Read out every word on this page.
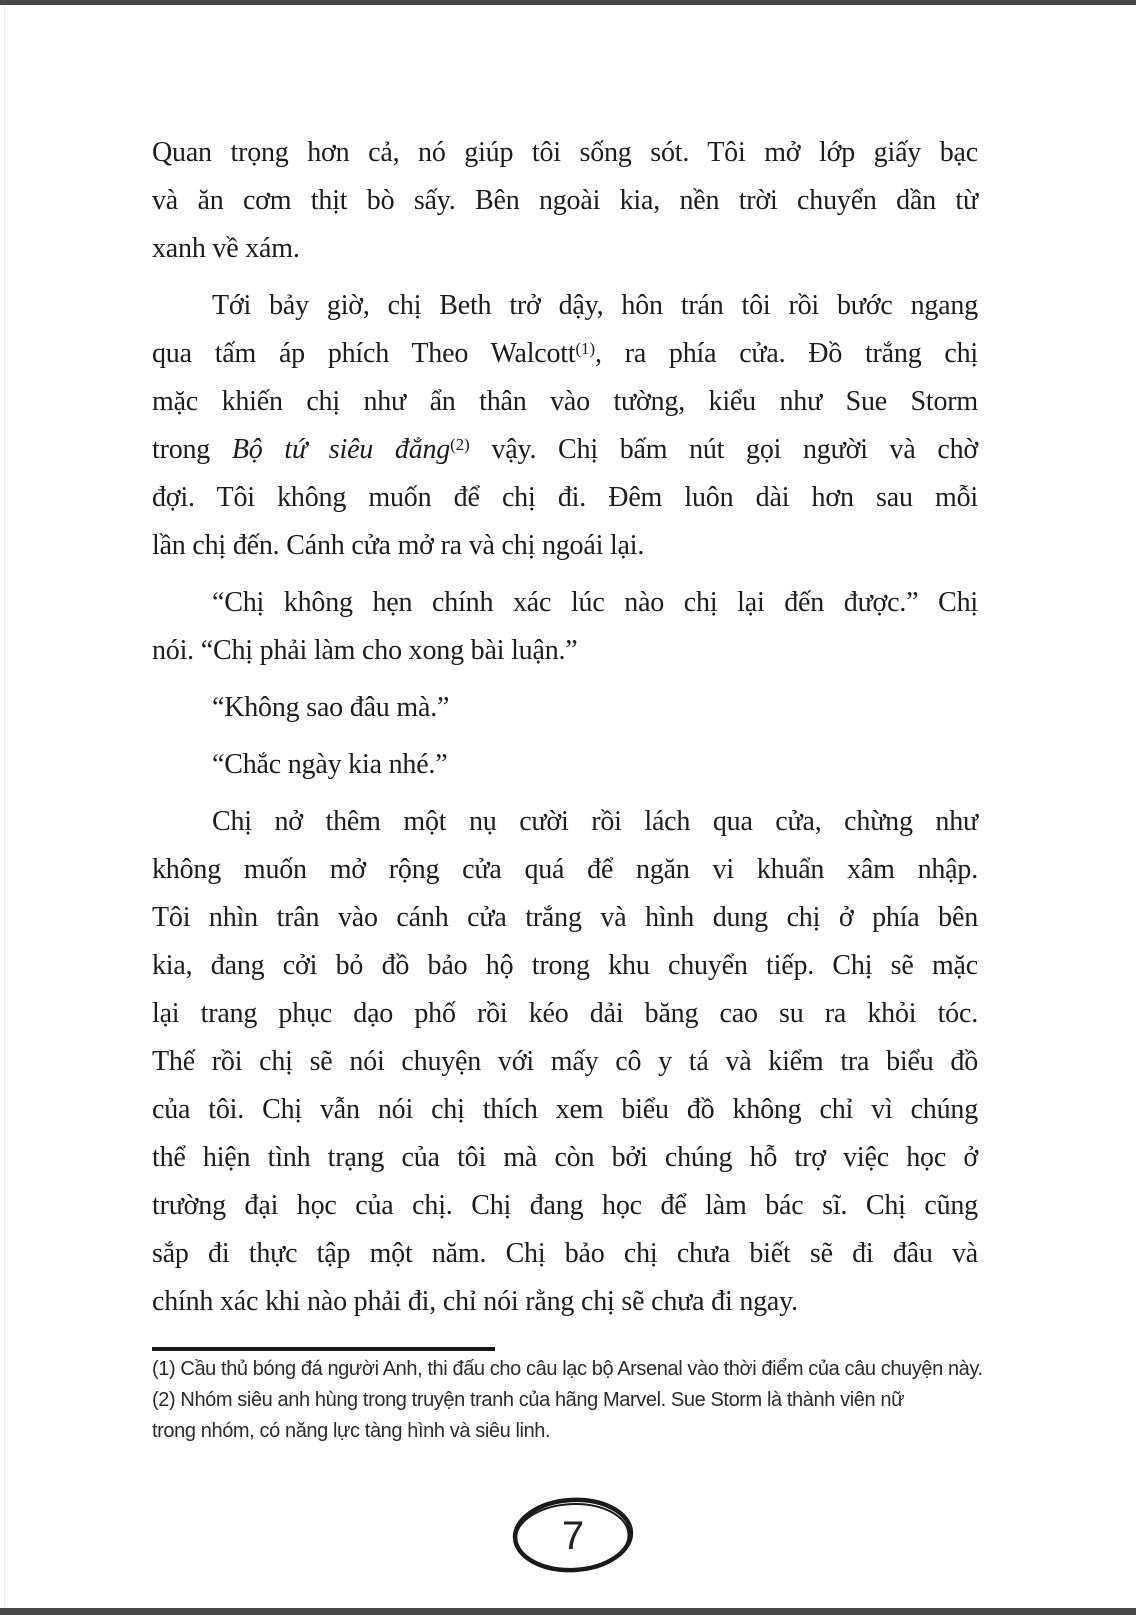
Quan trọng hơn cả, nó giúp tôi sống sót. Tôi mở lớp giấy bạc
và ăn cơm thịt bò sấy. Bên ngoài kia, nền trời chuyển dần từ
xanh về xám.
Tới bảy giờ, chị Beth trở dậy, hôn trán tôi rồi bước ngang
qua tấm áp phích Theo Walcott$^{(1)}$, ra phía cửa. Đồ trắng chị
mặc khiến chị như ẩn thân vào tường, kiểu như Sue Storm
trong Bộ tứ siêu đẳng$^{(2)}$ vậy. Chị bấm nút gọi người và chờ
đợi. Tôi không muốn để chị đi. Đêm luôn dài hơn sau mỗi
lần chị đến. Cánh cửa mở ra và chị ngoái lại.
“Chị không hẹn chính xác lúc nào chị lại đến được.” Chị
nói. “Chị phải làm cho xong bài luận.”
“Không sao đâu mà.”
“Chắc ngày kia nhé.”
Chị nở thêm một nụ cười rồi lách qua cửa, chừng như
không muốn mở rộng cửa quá để ngăn vi khuẩn xâm nhập.
Tôi nhìn trân vào cánh cửa trắng và hình dung chị ở phía bên
kia, đang cởi bỏ đồ bảo hộ trong khu chuyển tiếp. Chị sẽ mặc
lại trang phục dạo phố rồi kéo dải băng cao su ra khỏi tóc.
Thế rồi chị sẽ nói chuyện với mấy cô y tá và kiểm tra biểu đồ
của tôi. Chị vẫn nói chị thích xem biểu đồ không chỉ vì chúng
thể hiện tình trạng của tôi mà còn bởi chúng hỗ trợ việc học ở
trường đại học của chị. Chị đang học để làm bác sĩ. Chị cũng
sắp đi thực tập một năm. Chị bảo chị chưa biết sẽ đi đâu và
chính xác khi nào phải đi, chỉ nói rằng chị sẽ chưa đi ngay.
(1) Cầu thủ bóng đá người Anh, thi đấu cho câu lạc bộ Arsenal vào thời điểm của câu chuyện này.
(2) Nhóm siêu anh hùng trong truyện tranh của hãng Marvel. Sue Storm là thành viên nữ
trong nhóm, có năng lực tàng hình và siêu linh.
7
